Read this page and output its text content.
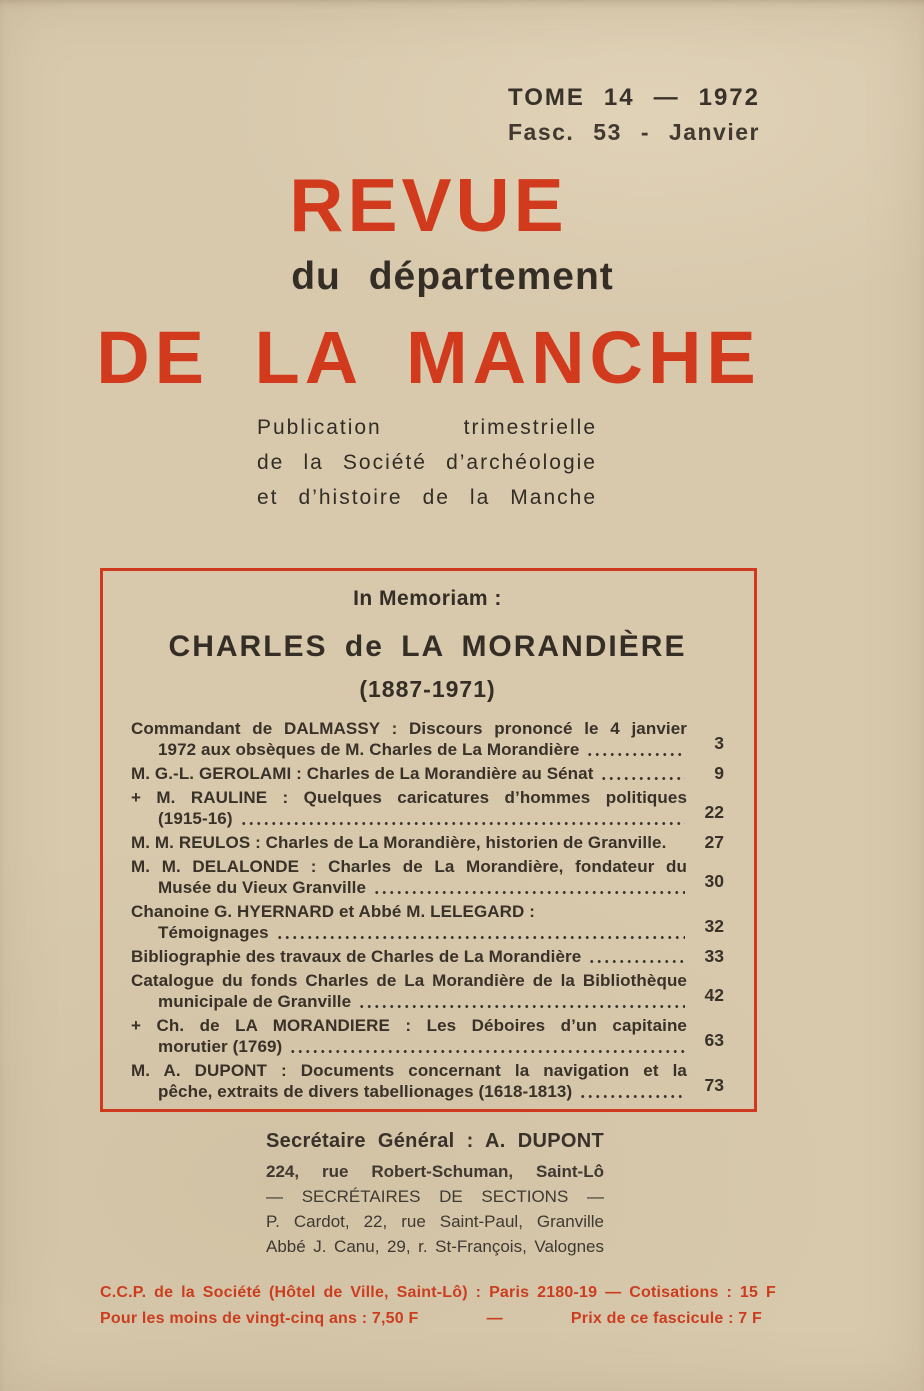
TOME 14 — 1972
Fasc. 53 - Janvier
REVUE
du département
DE LA MANCHE
Publication trimestrielle
de la Société d’archéologie
et d’histoire de la Manche
In Memoriam :
CHARLES de LA MORANDIÈRE
(1887-1971)
Commandant de DALMASSY : Discours prononcé le 4 janvier
1972 aux obsèques de M. Charles de La Morandière	3
M. G.-L. GEROLAMI : Charles de La Morandière au Sénat	9
+ M. RAULINE : Quelques caricatures d’hommes politiques
(1915-16)	22
M. M. REULOS : Charles de La Morandière, historien de Granville.	27
M. M. DELALONDE : Charles de La Morandière, fondateur du
Musée du Vieux Granville	30
Chanoine G. HYERNARD et Abbé M. LELEGARD :
Témoignages	32
Bibliographie des travaux de Charles de La Morandière	33
Catalogue du fonds Charles de La Morandière de la Bibliothèque
municipale de Granville	42
+ Ch. de LA MORANDIERE : Les Déboires d’un capitaine
morutier (1769)	63
M. A. DUPONT : Documents concernant la navigation et la
pêche, extraits de divers tabellionages (1618-1813)	73
Secrétaire Général : A. DUPONT
224, rue Robert-Schuman, Saint-Lô
— SECRÉTAIRES DE SECTIONS —
P. Cardot, 22, rue Saint-Paul, Granville
Abbé J. Canu, 29, r. St-François, Valognes
C.C.P. de la Société (Hôtel de Ville, Saint-Lô) : Paris 2180-19 — Cotisations : 15 F
Pour les moins de vingt-cinq ans : 7,50 F	—	Prix de ce fascicule : 7 F
